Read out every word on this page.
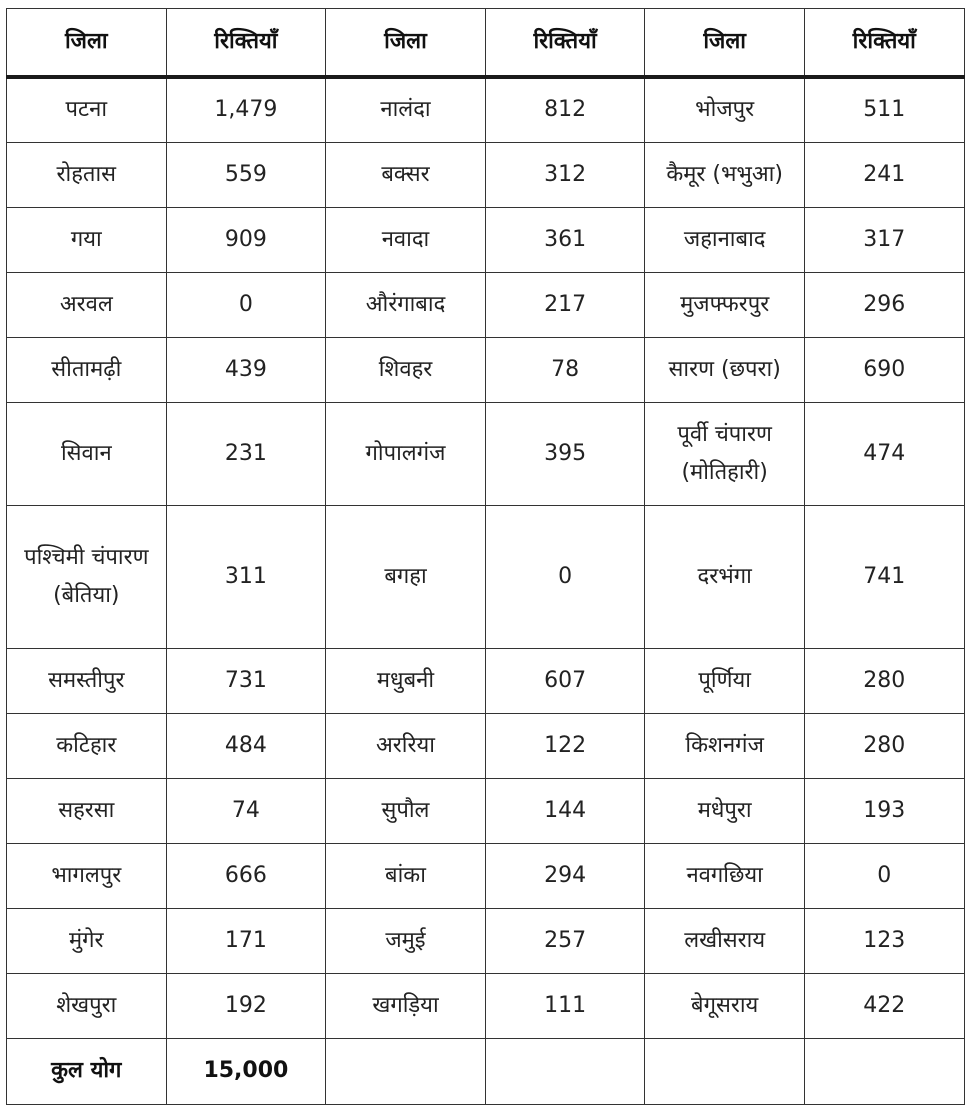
जिला	रिक्तियाँ	जिला	रिक्तियाँ	जिला	रिक्तियाँ
पटना	1,479	नालंदा	812	भोजपुर	511
रोहतास	559	बक्सर	312	कैमूर (भभुआ)	241
गया	909	नवादा	361	जहानाबाद	317
अरवल	0	औरंगाबाद	217	मुजफ्फरपुर	296
सीतामढ़ी	439	शिवहर	78	सारण (छपरा)	690
सिवान	231	गोपालगंज	395	पूर्वी चंपारण (मोतिहारी)	474
पश्चिमी चंपारण (बेतिया)	311	बगहा	0	दरभंगा	741
समस्तीपुर	731	मधुबनी	607	पूर्णिया	280
कटिहार	484	अररिया	122	किशनगंज	280
सहरसा	74	सुपौल	144	मधेपुरा	193
भागलपुर	666	बांका	294	नवगछिया	0
मुंगेर	171	जमुई	257	लखीसराय	123
शेखपुरा	192	खगड़िया	111	बेगूसराय	422
कुल योग	15,000				
